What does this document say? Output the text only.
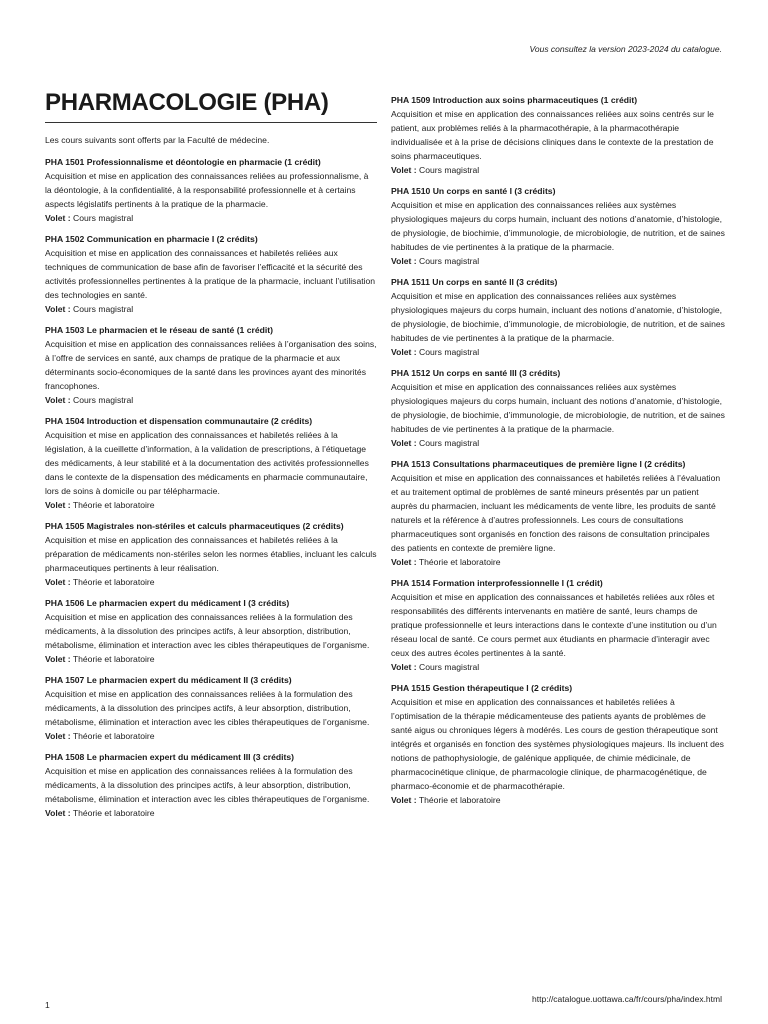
Vous consultez la version 2023-2024 du catalogue.
PHARMACOLOGIE (PHA)
Les cours suivants sont offerts par la Faculté de médecine.
PHA 1501 Professionnalisme et déontologie en pharmacie (1 crédit)
Acquisition et mise en application des connaissances reliées au professionnalisme, à la déontologie, à la confidentialité, à la responsabilité professionnelle et à certains aspects législatifs pertinents à la pratique de la pharmacie.
Volet : Cours magistral
PHA 1502 Communication en pharmacie I (2 crédits)
Acquisition et mise en application des connaissances et habiletés reliées aux techniques de communication de base afin de favoriser l’efficacité et la sécurité des activités professionnelles pertinentes à la pratique de la pharmacie, incluant l’utilisation des technologies en santé.
Volet : Cours magistral
PHA 1503 Le pharmacien et le réseau de santé (1 crédit)
Acquisition et mise en application des connaissances reliées à l’organisation des soins, à l’offre de services en santé, aux champs de pratique de la pharmacie et aux déterminants socio-économiques de la santé dans les provinces ayant des minorités francophones.
Volet : Cours magistral
PHA 1504 Introduction et dispensation communautaire (2 crédits)
Acquisition et mise en application des connaissances et habiletés reliées à la législation, à la cueillette d’information, à la validation de prescriptions, à l’étiquetage des médicaments, à leur stabilité et à la documentation des activités professionnelles dans le contexte de la dispensation des médicaments en pharmacie communautaire, lors de soins à domicile ou par télépharmacie.
Volet : Théorie et laboratoire
PHA 1505 Magistrales non-stériles et calculs pharmaceutiques (2 crédits)
Acquisition et mise en application des connaissances et habiletés reliées à la préparation de médicaments non-stériles selon les normes établies, incluant les calculs pharmaceutiques pertinents à leur réalisation.
Volet : Théorie et laboratoire
PHA 1506 Le pharmacien expert du médicament I (3 crédits)
Acquisition et mise en application des connaissances reliées à la formulation des médicaments, à la dissolution des principes actifs, à leur absorption, distribution, métabolisme, élimination et interaction avec les cibles thérapeutiques de l’organisme.
Volet : Théorie et laboratoire
PHA 1507 Le pharmacien expert du médicament II (3 crédits)
Acquisition et mise en application des connaissances reliées à la formulation des médicaments, à la dissolution des principes actifs, à leur absorption, distribution, métabolisme, élimination et interaction avec les cibles thérapeutiques de l’organisme.
Volet : Théorie et laboratoire
PHA 1508 Le pharmacien expert du médicament III (3 crédits)
Acquisition et mise en application des connaissances reliées à la formulation des médicaments, à la dissolution des principes actifs, à leur absorption, distribution, métabolisme, élimination et interaction avec les cibles thérapeutiques de l’organisme.
Volet : Théorie et laboratoire
PHA 1509 Introduction aux soins pharmaceutiques (1 crédit)
Acquisition et mise en application des connaissances reliées aux soins centrés sur le patient, aux problèmes reliés à la pharmacothérapie, à la pharmacothérapie individualisée et à la prise de décisions cliniques dans le contexte de la prestation de soins pharmaceutiques.
Volet : Cours magistral
PHA 1510 Un corps en santé I (3 crédits)
Acquisition et mise en application des connaissances reliées aux systèmes physiologiques majeurs du corps humain, incluant des notions d’anatomie, d’histologie, de physiologie, de biochimie, d’immunologie, de microbiologie, de nutrition, et de saines habitudes de vie pertinentes à la pratique de la pharmacie.
Volet : Cours magistral
PHA 1511 Un corps en santé II (3 crédits)
Acquisition et mise en application des connaissances reliées aux systèmes physiologiques majeurs du corps humain, incluant des notions d’anatomie, d’histologie, de physiologie, de biochimie, d’immunologie, de microbiologie, de nutrition, et de saines habitudes de vie pertinentes à la pratique de la pharmacie.
Volet : Cours magistral
PHA 1512 Un corps en santé III (3 crédits)
Acquisition et mise en application des connaissances reliées aux systèmes physiologiques majeurs du corps humain, incluant des notions d’anatomie, d’histologie, de physiologie, de biochimie, d’immunologie, de microbiologie, de nutrition, et de saines habitudes de vie pertinentes à la pratique de la pharmacie.
Volet : Cours magistral
PHA 1513 Consultations pharmaceutiques de première ligne I (2 crédits)
Acquisition et mise en application des connaissances et habiletés reliées à l’évaluation et au traitement optimal de problèmes de santé mineurs présentés par un patient auprès du pharmacien, incluant les médicaments de vente libre, les produits de santé naturels et la référence à d’autres professionnels. Les cours de consultations pharmaceutiques sont organisés en fonction des raisons de consultation principales des patients en contexte de première ligne.
Volet : Théorie et laboratoire
PHA 1514 Formation interprofessionnelle I (1 crédit)
Acquisition et mise en application des connaissances et habiletés reliées aux rôles et responsabilités des différents intervenants en matière de santé, leurs champs de pratique professionnelle et leurs interactions dans le contexte d’une institution ou d’un réseau local de santé. Ce cours permet aux étudiants en pharmacie d’interagir avec ceux des autres écoles pertinentes à la santé.
Volet : Cours magistral
PHA 1515 Gestion thérapeutique I (2 crédits)
Acquisition et mise en application des connaissances et habiletés reliées à l’optimisation de la thérapie médicamenteuse des patients ayants de problèmes de santé aigus ou chroniques légers à modérés. Les cours de gestion thérapeutique sont intégrés et organisés en fonction des systèmes physiologiques majeurs. Ils incluent des notions de pathophysiologie, de galénique appliquée, de chimie médicinale, de pharmacocinétique clinique, de pharmacologie clinique, de pharmacogénétique, de pharmaco-économie et de pharmacothérapie.
Volet : Théorie et laboratoire
http://catalogue.uottawa.ca/fr/cours/pha/index.html
1
